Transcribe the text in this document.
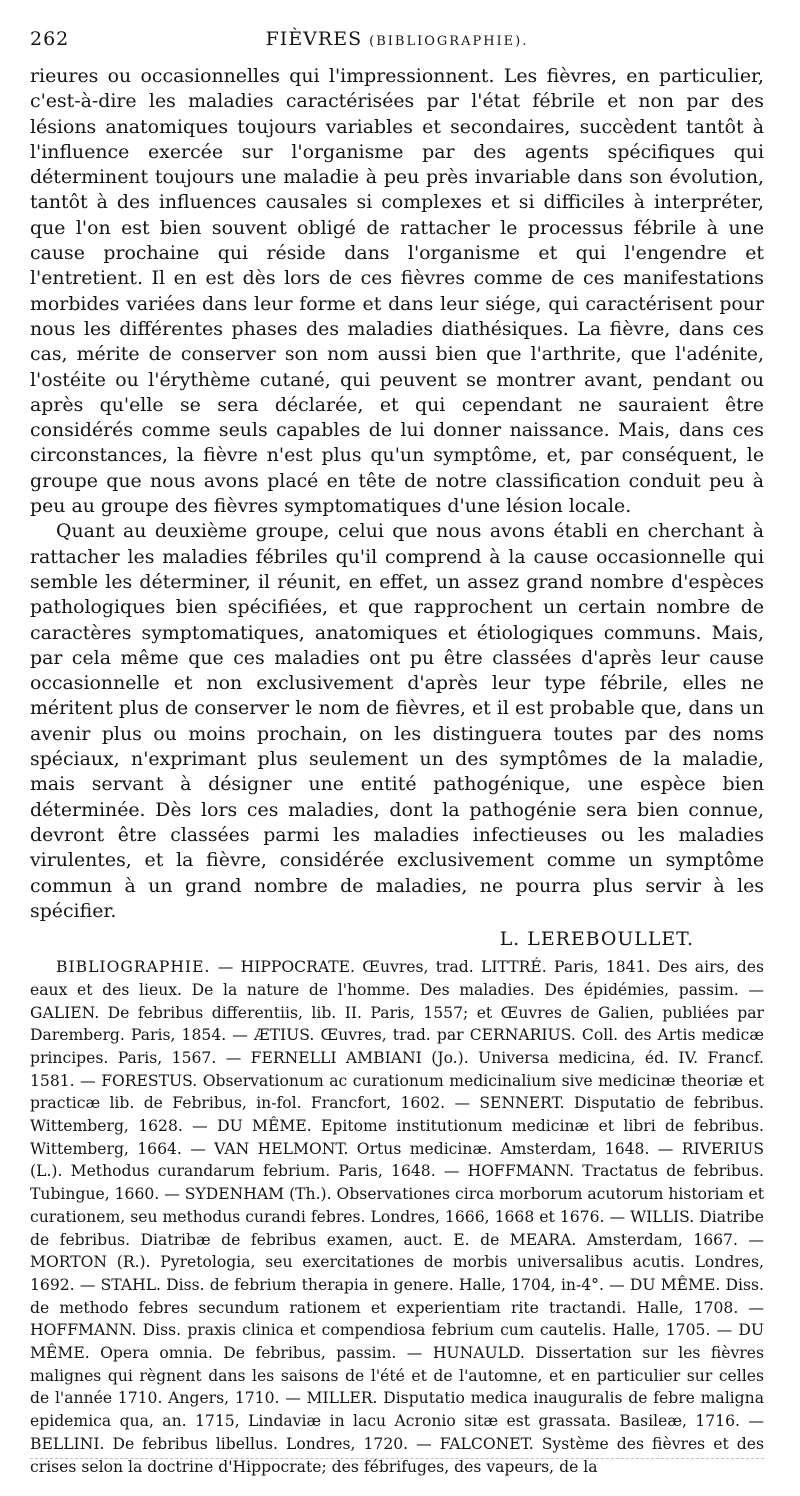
262	FIÈVRES (BIBLIOGRAPHIE).

rieures ou occasionnelles qui l'impressionnent. Les fièvres, en particulier, c'est-à-dire les maladies caractérisées par l'état fébrile et non par des lésions anatomiques toujours variables et secondaires, succèdent tantôt à l'influence exercée sur l'organisme par des agents spécifiques qui déterminent toujours une maladie à peu près invariable dans son évolution, tantôt à des influences causales si complexes et si difficiles à interpréter, que l'on est bien souvent obligé de rattacher le processus fébrile à une cause prochaine qui réside dans l'organisme et qui l'engendre et l'entretient. Il en est dès lors de ces fièvres comme de ces manifestations morbides variées dans leur forme et dans leur siége, qui caractérisent pour nous les différentes phases des maladies diathésiques. La fièvre, dans ces cas, mérite de conserver son nom aussi bien que l'arthrite, que l'adénite, l'ostéite ou l'érythème cutané, qui peuvent se montrer avant, pendant ou après qu'elle se sera déclarée, et qui cependant ne sauraient être considérés comme seuls capables de lui donner naissance. Mais, dans ces circonstances, la fièvre n'est plus qu'un symptôme, et, par conséquent, le groupe que nous avons placé en tête de notre classification conduit peu à peu au groupe des fièvres symptomatiques d'une lésion locale.

Quant au deuxième groupe, celui que nous avons établi en cherchant à rattacher les maladies fébriles qu'il comprend à la cause occasionnelle qui semble les déterminer, il réunit, en effet, un assez grand nombre d'espèces pathologiques bien spécifiées, et que rapprochent un certain nombre de caractères symptomatiques, anatomiques et étiologiques communs. Mais, par cela même que ces maladies ont pu être classées d'après leur cause occasionnelle et non exclusivement d'après leur type fébrile, elles ne méritent plus de conserver le nom de fièvres, et il est probable que, dans un avenir plus ou moins prochain, on les distinguera toutes par des noms spéciaux, n'exprimant plus seulement un des symptômes de la maladie, mais servant à désigner une entité pathogénique, une espèce bien déterminée. Dès lors ces maladies, dont la pathogénie sera bien connue, devront être classées parmi les maladies infectieuses ou les maladies virulentes, et la fièvre, considérée exclusivement comme un symptôme commun à un grand nombre de maladies, ne pourra plus servir à les spécifier.

L. LEREBOULLET.

BIBLIOGRAPHIE. — HIPPOCRATE. Œuvres, trad. LITTRÉ. Paris, 1841. Des airs, des eaux et des lieux. De la nature de l'homme. Des maladies. Des épidémies, passim. — GALIEN. De febribus differentiis, lib. II. Paris, 1557; et Œuvres de Galien, publiées par Daremberg. Paris, 1854. — ÆTIUS. Œuvres, trad. par CERNARIUS. Coll. des Artis medicæ principes. Paris, 1567. — FERNELLI AMBIANI (Jo.). Universa medicina, éd. IV. Francf. 1581. — FORESTUS. Observationum ac curationum medicinalium sive medicinæ theoriæ et practicæ lib. de Febribus, in-fol. Francfort, 1602. — SENNERT. Disputatio de febribus. Wittemberg, 1628. — DU MÊME. Epitome institutionum medicinæ et libri de febribus. Wittemberg, 1664. — VAN HELMONT. Ortus medicinæ. Amsterdam, 1648. — RIVERIUS (L.). Methodus curandarum febrium. Paris, 1648. — HOFFMANN. Tractatus de febribus. Tubingue, 1660. — SYDENHAM (Th.). Observationes circa morborum acutorum historiam et curationem, seu methodus curandi febres. Londres, 1666, 1668 et 1676. — WILLIS. Diatribe de febribus. Diatribæ de febribus examen, auct. E. de MEARA. Amsterdam, 1667. — MORTON (R.). Pyretologia, seu exercitationes de morbis universalibus acutis. Londres, 1692. — STAHL. Diss. de febrium therapia in genere. Halle, 1704, in-4°. — DU MÊME. Diss. de methodo febres secundum rationem et experientiam rite tractandi. Halle, 1708. — HOFFMANN. Diss. praxis clinica et compendiosa febrium cum cautelis. Halle, 1705. — DU MÊME. Opera omnia. De febribus, passim. — HUNAULD. Dissertation sur les fièvres malignes qui règnent dans les saisons de l'été et de l'automne, et en particulier sur celles de l'année 1710. Angers, 1710. — MILLER. Disputatio medica inauguralis de febre maligna epidemica qua, an. 1715, Lindaviæ in lacu Acronio sitæ est grassata. Basileæ, 1716. — BELLINI. De febribus libellus. Londres, 1720. — FALCONET. Système des fièvres et des crises selon la doctrine d'Hippocrate; des fébrifuges, des vapeurs, de la
